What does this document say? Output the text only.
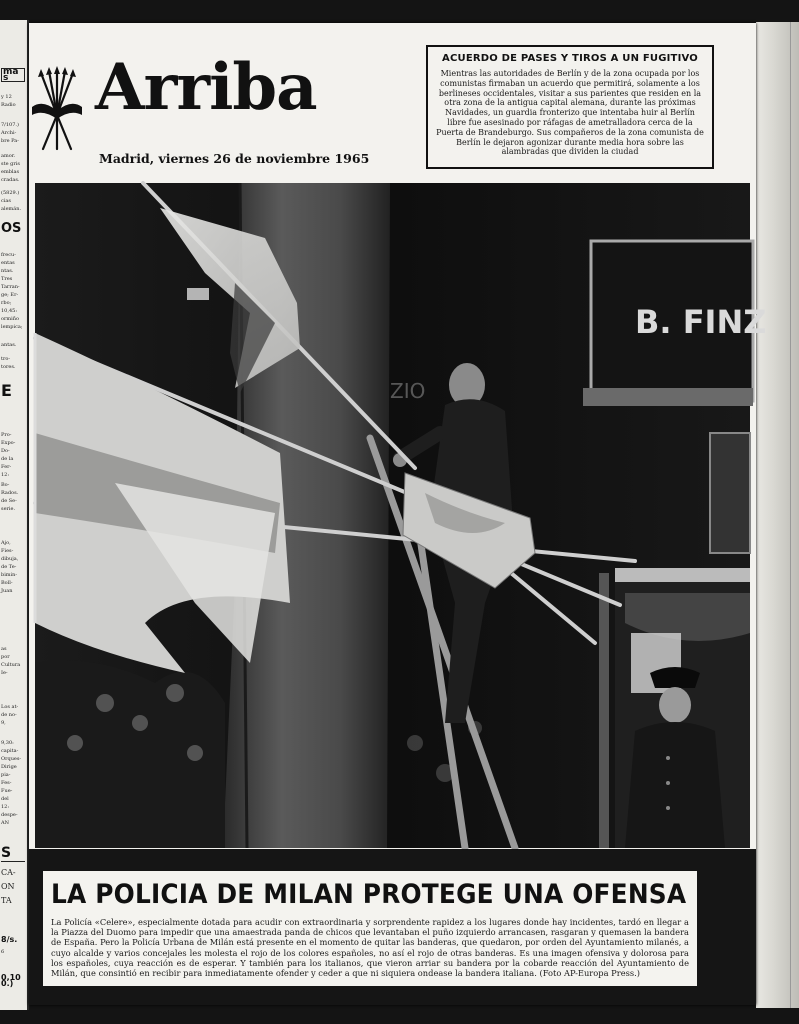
mas
y 12
Radio
7/107.)
Archi-
bre Pa-
amor.
ste gris
emblas
cradas.
(5829.)
cias
alemán.
OS
frecu-
entas
ntas.
Tres
Tarran-
ge; Er-
rbo;
10,45:
ormiño
lempica;
antas.
tro-
tores.
E
Pro-
Expo-
Do-
de la
Fer-
12:
Bo-
Rados.
de Se-
serie.
Ajo,
Fies-
dibuja,
de Te-
bimin-
Boll-
Juan
as
por
Cultura
Ie-
Los at-
de no-
9,
9,30:
capita-
Orques-
Dirige
pia-
Fes-
Fue-
del
12:
despe-
AN
S
CA-
ON
TA
8/s.
6
0,100.)
Arriba
Madrid, viernes 26 de noviembre 1965
ACUERDO DE PASES Y TIROS A UN FUGITIVO
Mientras las autoridades de Berlín y de la zona ocupada por los comunistas firmaban un acuerdo que permitirá, solamente a los berlineses occidentales, visitar a sus parientes que residen en la otra zona de la antigua capital alemana, durante las próximas Navidades, un guardia fronterizo que intentaba huir al Berlín libre fue asesinado por ráfagas de ametralladora cerca de la Puerta de Brandeburgo. Sus compañeros de la zona comunista de Berlín le dejaron agonizar durante media hora sobre las alambradas que dividen la ciudad
B. FINZ
ZIO
LA POLICIA DE MILAN PROTEGE UNA OFENSA
La Policía «Celere», especialmente dotada para acudir con extraordinaria y sorprendente rapidez a los lugares donde hay incidentes, tardó en llegar a la Piazza del Duomo para impedir que una amaestrada panda de chicos que levantaban el puño izquierdo arrancasen, rasgaran y quemasen la bandera de España. Pero la Policía Urbana de Milán está presente en el momento de quitar las banderas, que quedaron, por orden del Ayuntamiento milanés, a cuyo alcalde y varios concejales les molesta el rojo de los colores españoles, no así el rojo de otras banderas. Es una imagen ofensiva y dolorosa para los españoles, cuya reacción es de esperar. Y también para los italianos, que vieron arriar su bandera por la cobarde reacción del Ayuntamiento de Milán, que consintió en recibir para inmediatamente ofender y ceder a que ni siquiera ondease la bandera italiana. (Foto AP-Europa Press.)
